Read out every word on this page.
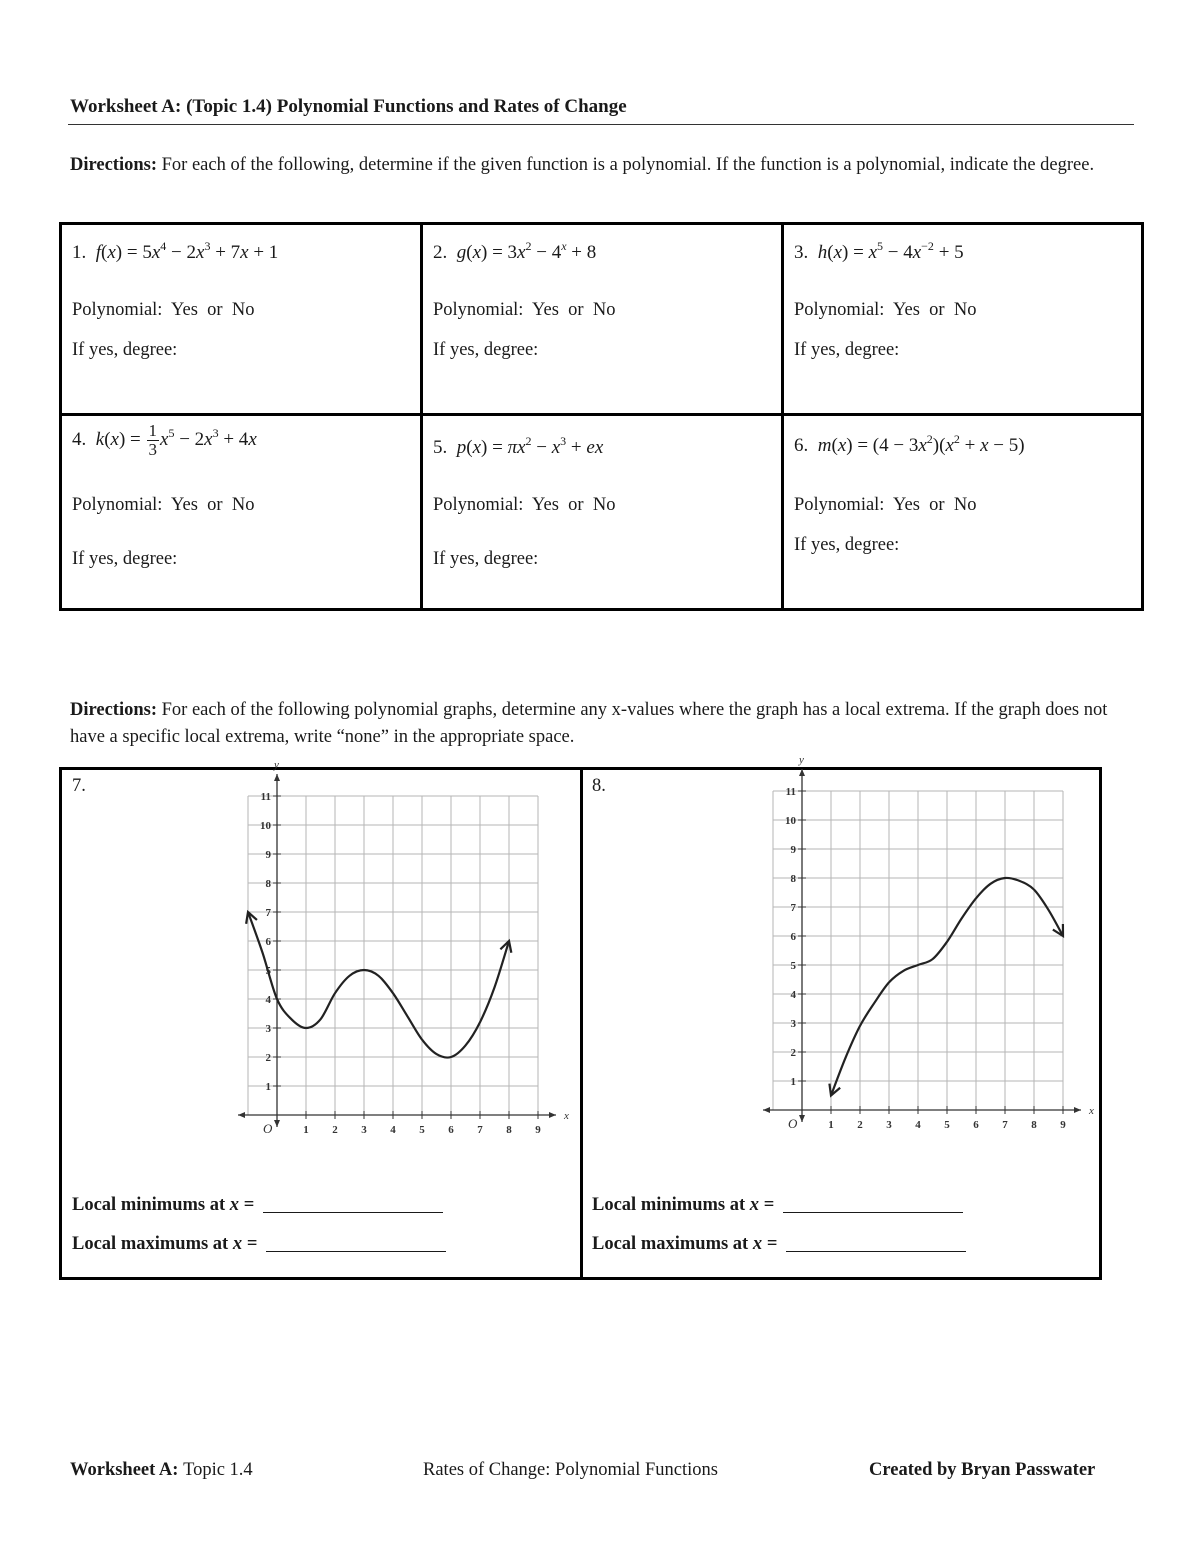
Worksheet A: (Topic 1.4) Polynomial Functions and Rates of Change
Directions: For each of the following, determine if the given function is a polynomial. If the function is a polynomial, indicate the degree.
1. $f(x) = 5x^4 - 2x^3 + 7x + 1$
Polynomial:  Yes  or  No
If yes, degree:
2. $g(x) = 3x^2 - 4^x + 8$
Polynomial:  Yes  or  No
If yes, degree:
3. $h(x) = x^5 - 4x^{-2} + 5$
Polynomial:  Yes  or  No
If yes, degree:
4. $k(x) = \frac{1}{3} x^5 - 2x^3 + 4x$
Polynomial:  Yes  or  No
If yes, degree:
5. $p(x) = \pi x^2 - x^3$ + ex
Polynomial:  Yes  or  No
If yes, degree:
6. $m(x) = (4 - 3x^2)(x^2 + x - 5)$
Polynomial:  Yes  or  No
If yes, degree:
Directions: For each of the following polynomial graphs, determine any x-values where the graph has a local extrema. If the graph does not have a specific local extrema, write “none” in the appropriate space.
7.
1 2 3 4 5 6 7 8 9
1
2
3
4
5
6
7
8
9
10
11
O
x
y
Local minimums at x =
Local maximums at x =
8.
1 2 3 4 5 6 7 8 9
1
2
3
4
5
6
7
8
9
10
11
O
x
y
Local minimums at x =
Local maximums at x =
Worksheet A: Topic 1.4	Rates of Change: Polynomial Functions	Created by Bryan Passwater
